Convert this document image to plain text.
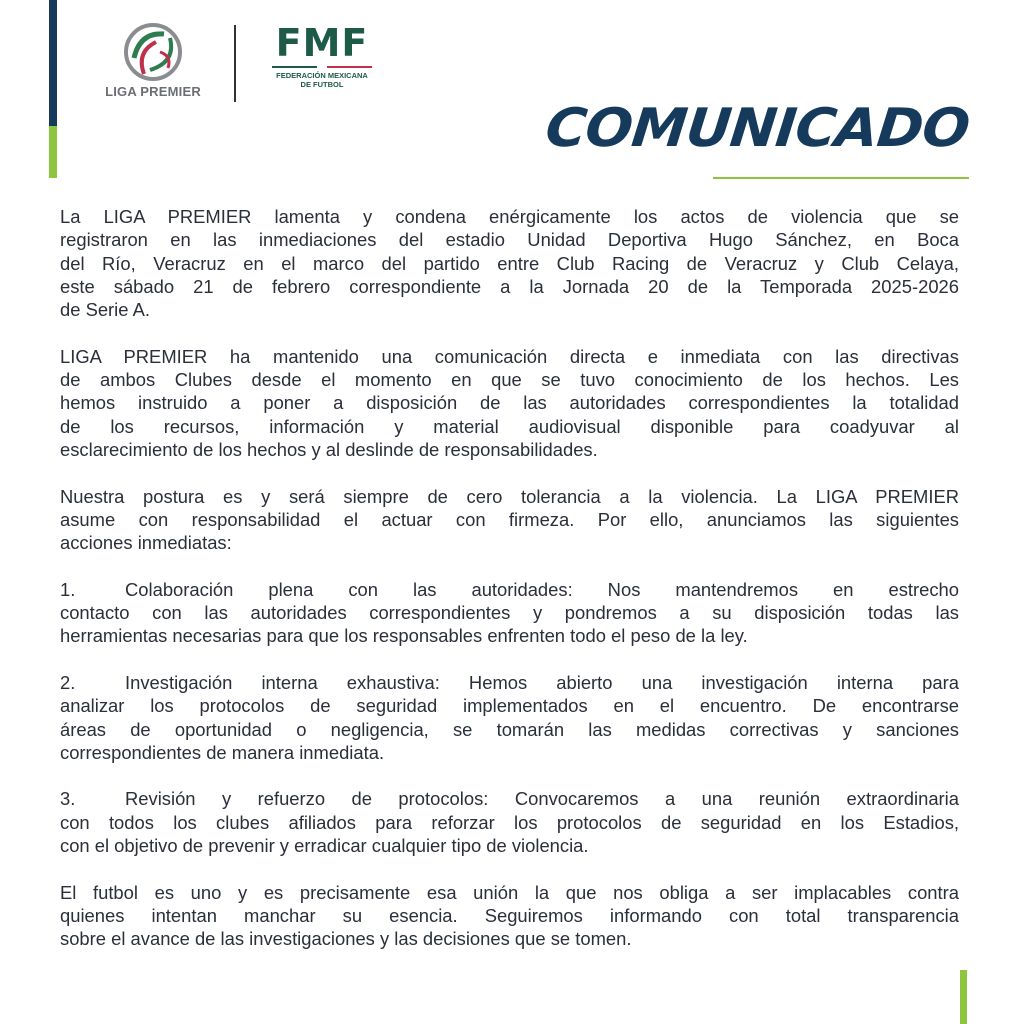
LIGA PREMIER
FMF
FEDERACIÓN MEXICANA
DE FUTBOL
COMUNICADO
La LIGA PREMIER lamenta y condena enérgicamente los actos de violencia que se
registraron en las inmediaciones del estadio Unidad Deportiva Hugo Sánchez, en Boca
del Río, Veracruz en el marco del partido entre Club Racing de Veracruz y Club Celaya,
este sábado 21 de febrero correspondiente a la Jornada 20 de la Temporada 2025-2026
de Serie A.
LIGA PREMIER ha mantenido una comunicación directa e inmediata con las directivas
de ambos Clubes desde el momento en que se tuvo conocimiento de los hechos. Les
hemos instruido a poner a disposición de las autoridades correspondientes la totalidad
de los recursos, información y material audiovisual disponible para coadyuvar al
esclarecimiento de los hechos y al deslinde de responsabilidades.
Nuestra postura es y será siempre de cero tolerancia a la violencia. La LIGA PREMIER
asume con responsabilidad el actuar con firmeza. Por ello, anunciamos las siguientes
acciones inmediatas:
1.	Colaboración plena con las autoridades: Nos mantendremos en estrecho
contacto con las autoridades correspondientes y pondremos a su disposición todas las
herramientas necesarias para que los responsables enfrenten todo el peso de la ley.
2.	Investigación interna exhaustiva: Hemos abierto una investigación interna para
analizar los protocolos de seguridad implementados en el encuentro. De encontrarse
áreas de oportunidad o negligencia, se tomarán las medidas correctivas y sanciones
correspondientes de manera inmediata.
3.	Revisión y refuerzo de protocolos: Convocaremos a una reunión extraordinaria
con todos los clubes afiliados para reforzar los protocolos de seguridad en los Estadios,
con el objetivo de prevenir y erradicar cualquier tipo de violencia.
El futbol es uno y es precisamente esa unión la que nos obliga a ser implacables contra
quienes intentan manchar su esencia. Seguiremos informando con total transparencia
sobre el avance de las investigaciones y las decisiones que se tomen.
